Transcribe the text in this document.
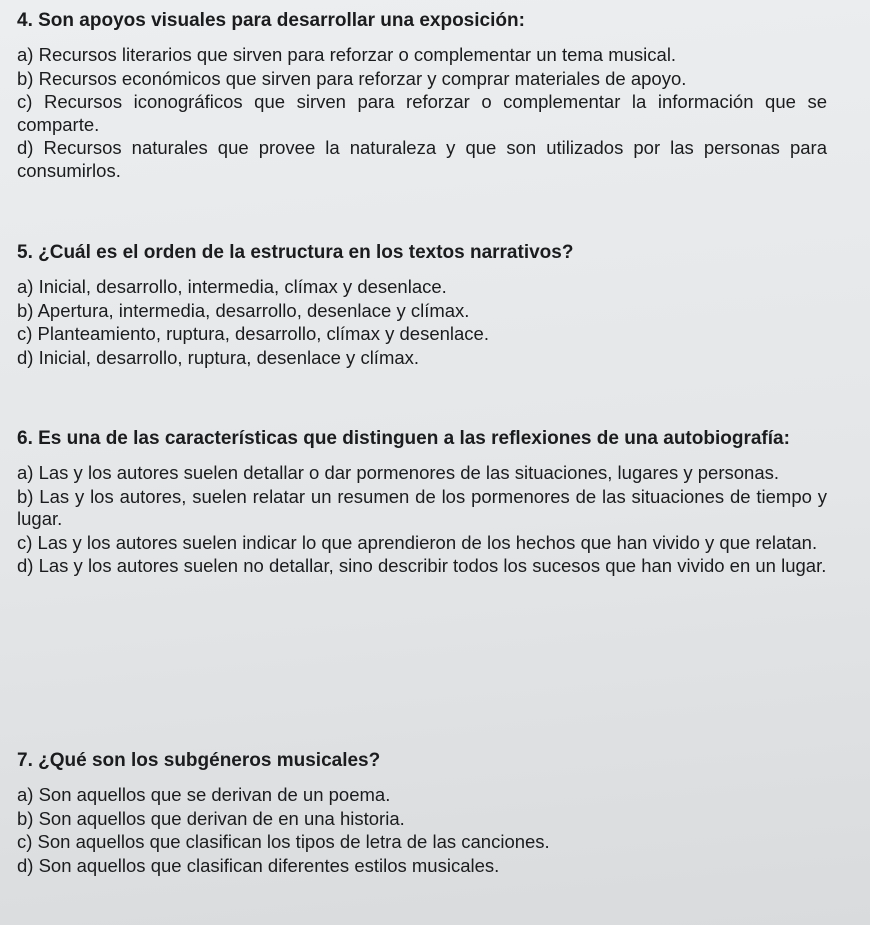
4. Son apoyos visuales para desarrollar una exposición:

a) Recursos literarios que sirven para reforzar o complementar un tema musical.

b) Recursos económicos que sirven para reforzar y comprar materiales de apoyo.

c) Recursos iconográficos que sirven para reforzar o complementar la información que se comparte.

d) Recursos naturales que provee la naturaleza y que son utilizados por las personas para consumirlos.

5. ¿Cuál es el orden de la estructura en los textos narrativos?

a) Inicial, desarrollo, intermedia, clímax y desenlace.

b) Apertura, intermedia, desarrollo, desenlace y clímax.

c) Planteamiento, ruptura, desarrollo, clímax y desenlace.

d) Inicial, desarrollo, ruptura, desenlace y clímax.

6. Es una de las características que distinguen a las reflexiones de una autobiografía:

a) Las y los autores suelen detallar o dar pormenores de las situaciones, lugares y personas.

b) Las y los autores, suelen relatar un resumen de los pormenores de las situaciones de tiempo y lugar.

c) Las y los autores suelen indicar lo que aprendieron de los hechos que han vivido y que relatan.

d) Las y los autores suelen no detallar, sino describir todos los sucesos que han vivido en un lugar.

7. ¿Qué son los subgéneros musicales?

a) Son aquellos que se derivan de un poema.

b) Son aquellos que derivan de en una historia.

c) Son aquellos que clasifican los tipos de letra de las canciones.

d) Son aquellos que clasifican diferentes estilos musicales.
